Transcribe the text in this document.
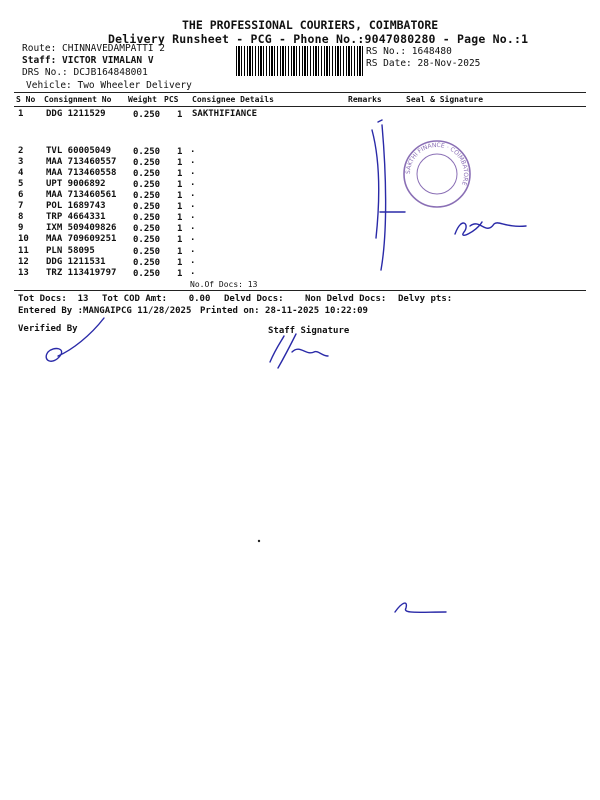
THE PROFESSIONAL COURIERS, COIMBATORE
Delivery Runsheet - PCG - Phone No.:9047080280 - Page No.:1
Route: CHINNAVEDAMPATTI 2
Staff: VICTOR VIMALAN V
DRS No.: DCJB164848001
Vehicle: Two Wheeler Delivery
RS No.: 1648480
RS Date: 28-Nov-2025
S No Consignment No Weight PCS Consignee Details	Remarks	Seal & Signature
1	DDG 1211529	0.250 1 SAKTHIFIANCE
2	TVL 60005049 0.250 1 .
3	MAA 713460557 0.250 1 .
4	MAA 713460558 0.250 1 .
5	UPT 9006892	0.250 1 .
6	MAA 713460561 0.250 1 .
7	POL 1689743	0.250 1 .
8	TRP 4664331	0.250 1 .
9	IXM 509409826 0.250 1 .
10 MAA 709609251 0.250 1 .
11 PLN 58095	0.250 1 .
12 DDG 1211531	0.250 1 .
13 TRZ 113419797 0.250 1 .
No.Of Docs: 13
Tot Docs:  13 Tot COD Amt:    0.00 Delvd Docs: Non Delvd Docs: Delvy pts:
Entered By :MANGAIPCG 11/28/2025 Printed on: 28-11-2025 10:22:09
Verified By	Staff Signature
SAKTHI FINANCE · COIMBATORE
